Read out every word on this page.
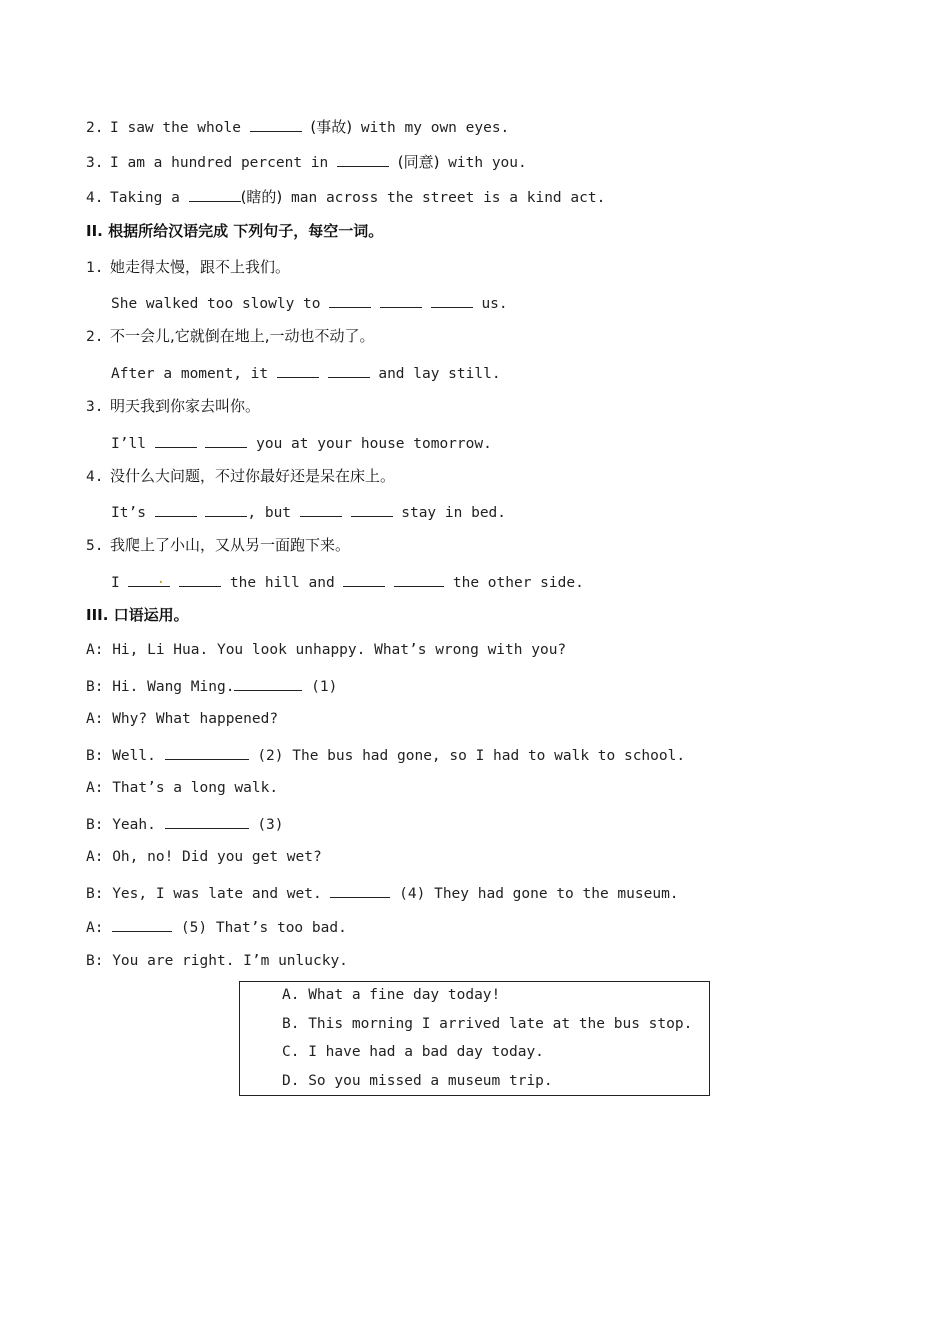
2. I saw the whole	(事故) with my own eyes.
3. I am a hundred percent in	(同意) with you.
4. Taking a	(瞎的) man across the street is a kind act.
II. 根据所给汉语完成 下列句子，每空一词。
1. 她走得太慢，跟不上我们。
She walked too slowly to	us.
2. 不一会儿,它就倒在地上,一动也不动了。
After a moment, it	and lay still.
3. 明天我到你家去叫你。
I’ll	you at your house tomorrow.
4. 没什么大问题，不过你最好还是呆在床上。
It’s	, but	stay in bed.
5. 我爬上了小山，又从另一面跑下来。
I .	the hill and	the other side.
III. 口语运用。
A: Hi, Li Hua. You look unhappy. What’s wrong with you?
B: Hi. Wang Ming.	(1)
A: Why? What happened?
B: Well.	(2) The bus had gone, so I had to walk to school.
A: That’s a long walk.
B: Yeah.	(3)
A: Oh, no! Did you get wet?
B: Yes, I was late and wet.	(4) They had gone to the museum.
A:	(5) That’s too bad.
B: You are right. I’m unlucky.
A. What a fine day today!
B. This morning I arrived late at the bus stop.
C. I have had a bad day today.
D. So you missed a museum trip.
